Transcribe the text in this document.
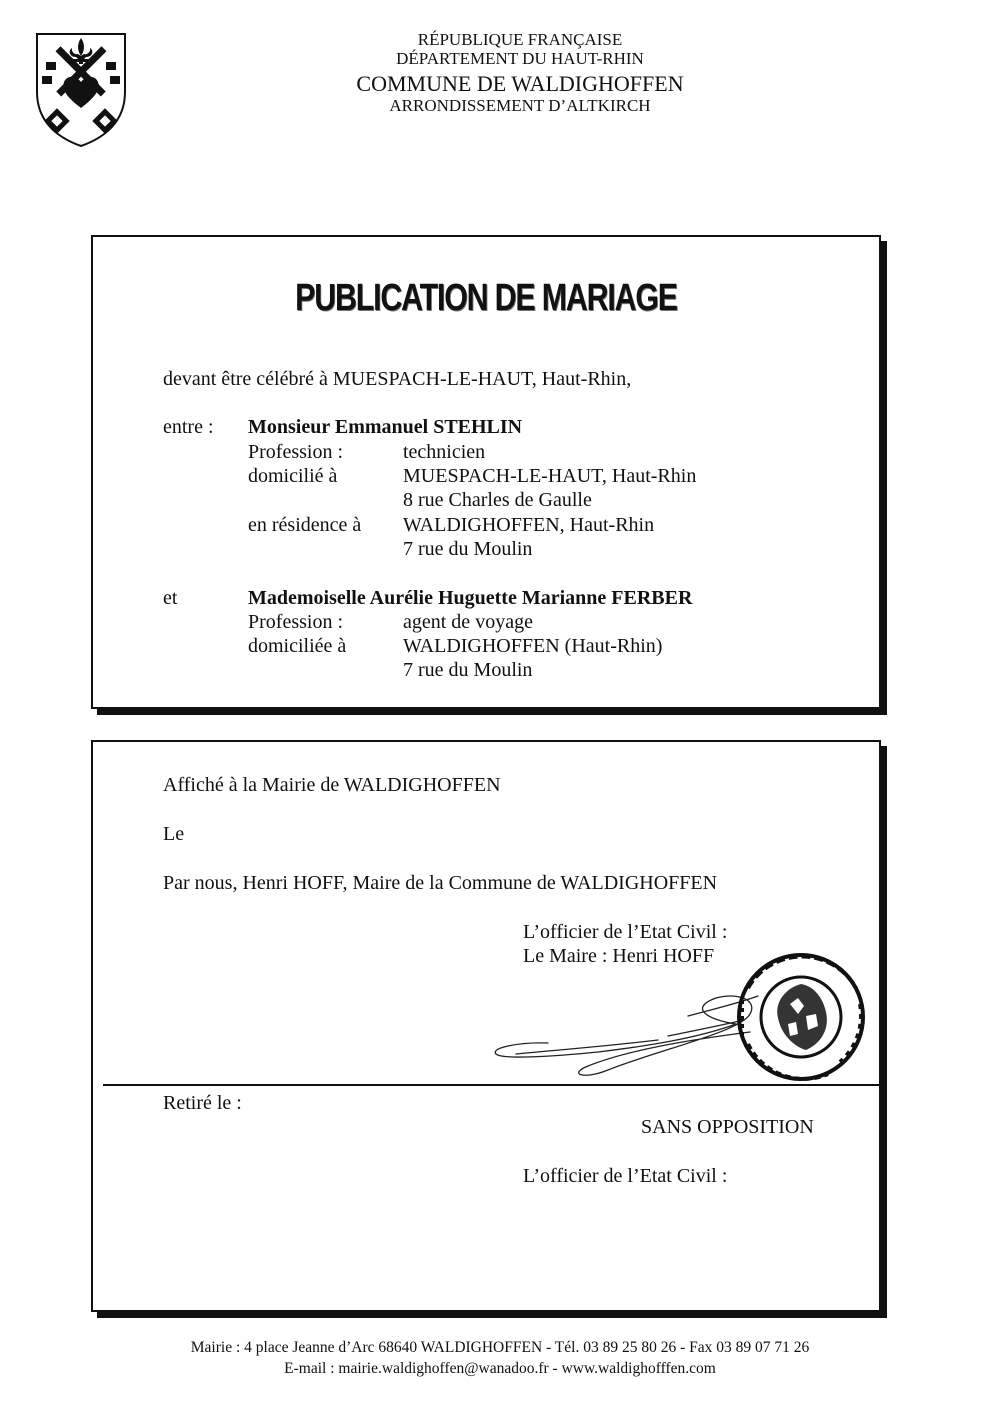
RÉPUBLIQUE FRANÇAISE
DÉPARTEMENT DU HAUT-RHIN
COMMUNE DE WALDIGHOFFEN
ARRONDISSEMENT D’ALTKIRCH
PUBLICATION DE MARIAGE
devant être célébré à MUESPACH-LE-HAUT, Haut-Rhin,
entre : Monsieur Emmanuel STEHLIN
Profession :	technicien
domicilié à	MUESPACH-LE-HAUT, Haut-Rhin
8 rue Charles de Gaulle
en résidence à WALDIGHOFFEN, Haut-Rhin
7 rue du Moulin
et	Mademoiselle Aurélie Huguette Marianne FERBER
Profession :	agent de voyage
domiciliée à	WALDIGHOFFEN (Haut-Rhin)
7 rue du Moulin
Affiché à la Mairie de WALDIGHOFFEN
Le
Par nous, Henri HOFF, Maire de la Commune de WALDIGHOFFEN
L’officier de l’Etat Civil :
Le Maire : Henri HOFF
Retiré le :
SANS OPPOSITION
L’officier de l’Etat Civil :
Mairie : 4 place Jeanne d’Arc 68640 WALDIGHOFFEN - Tél. 03 89 25 80 26 - Fax 03 89 07 71 26
E-mail : mairie.waldighoffen@wanadoo.fr - www.waldighofffen.com
